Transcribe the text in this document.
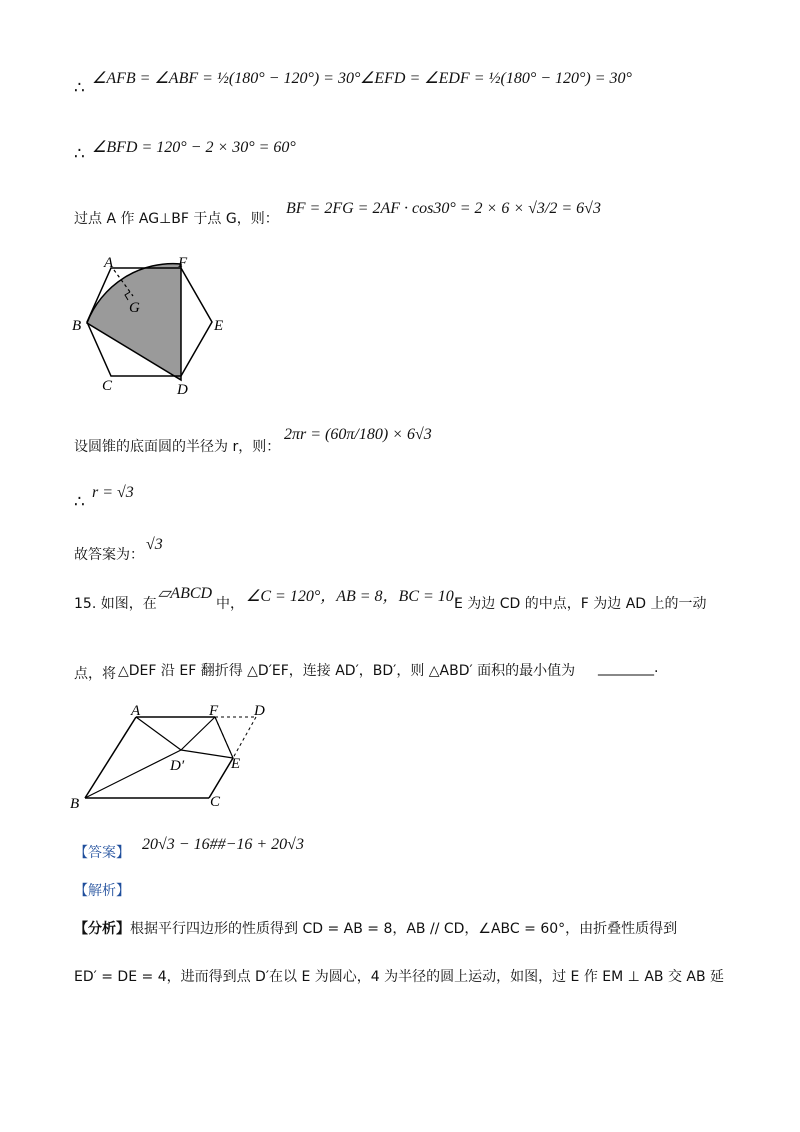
∴ ∠AFB = ∠ABF = ½(180° − 120°) = 30° ∠EFD = ∠EDF = ½(180° − 120°) = 30°
∴ ∠BFD = 120° − 2 × 30° = 60°
过点 A 作 AG⊥BF 于点 G，则：
BF = 2FG = 2AF · cos30° = 2 × 6 × √3/2 = 6√3
A	F
G
B	E
C	D
设圆锥的底面圆的半径为 r，则：
2πr = (60π/180) × 6√3
∴ r = √3
故答案为：
√3
15. 如图，在
▱ABCD
中， ∠C = 120°，AB = 8，BC = 10．
E 为边 CD 的中点，F 为边 AD 上的一动
点，将 △DEF 沿 EF 翻折得 △D′EF，连接 AD′，BD′，则 △ABD′ 面积的最小值为 ________.
A	F D
D′	E
B	C
【答案】 20√3 − 16##−16 + 20√3
【解析】
【分析】 根据平行四边形的性质得到 CD = AB = 8，AB // CD，∠ABC = 60°，由折叠性质得到
ED′ = DE = 4，进而得到点 D′在以 E 为圆心，4 为半径的圆上运动，如图，过 E 作 EM ⊥ AB 交 AB 延
